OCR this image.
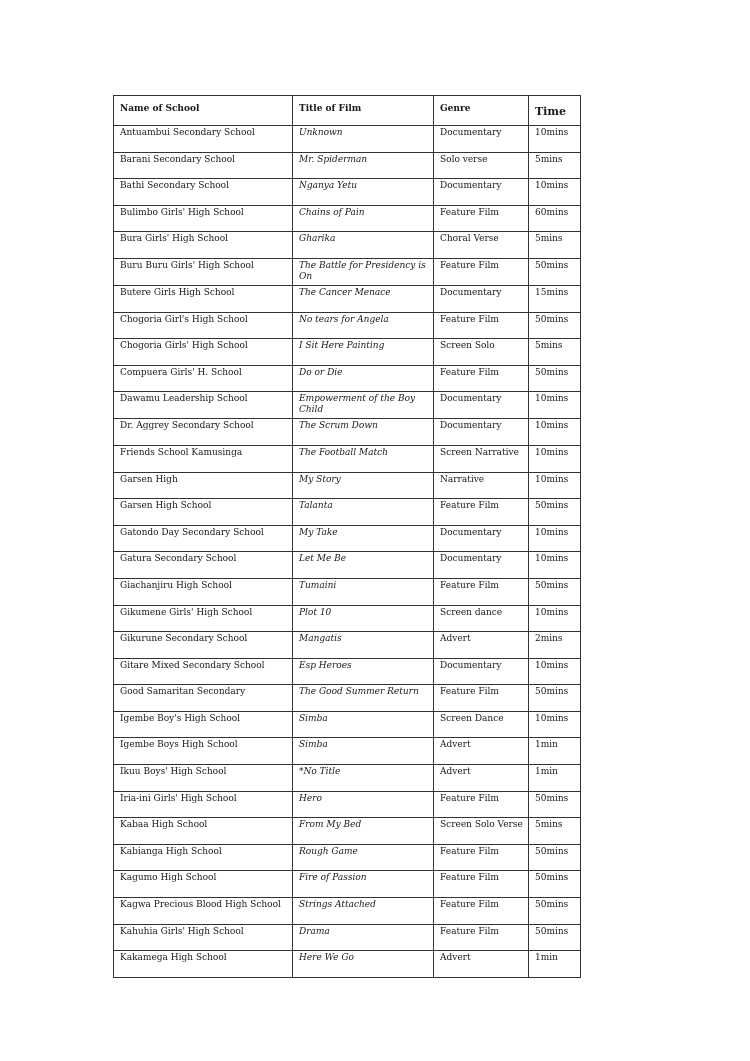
Name of School	Title of Film	Genre	Time
Antuambui Secondary School	Unknown	Documentary	10mins
Barani Secondary School	Mr. Spiderman	Solo verse	5mins
Bathi Secondary School	Nganya Yetu	Documentary	10mins
Bulimbo Girls' High School	Chains of Pain	Feature Film	60mins
Bura Girls' High School	Gharika	Choral Verse	5mins
Buru Buru Girls' High School	The Battle for Presidency is On	Feature Film	50mins
Butere Girls High School	The Cancer Menace	Documentary	15mins
Chogoria Girl's High School	No tears for Angela	Feature Film	50mins
Chogoria Girls' High School	I Sit Here Painting	Screen Solo	5mins
Compuera Girls' H. School	Do or Die	Feature Film	50mins
Dawamu Leadership School	Empowerment of the Boy Child	Documentary	10mins
Dr. Aggrey Secondary School	The Scrum Down	Documentary	10mins
Friends School Kamusinga	The Football Match	Screen Narrative	10mins
Garsen High	My Story	Narrative	10mins
Garsen High School	Talanta	Feature Film	50mins
Gatondo Day Secondary School	My Take	Documentary	10mins
Gatura Secondary School	Let Me Be	Documentary	10mins
Giachanjiru High School	Tumaini	Feature Film	50mins
Gikumene Girls' High School	Plot 10	Screen dance	10mins
Gikurune Secondary School	Mangatis	Advert	2mins
Gitare Mixed Secondary School	Esp Heroes	Documentary	10mins
Good Samaritan Secondary	The Good Summer Return	Feature Film	50mins
Igembe Boy's High School	Simba	Screen Dance	10mins
Igembe Boys High School	Simba	Advert	1min
Ikuu Boys' High School	*No Title	Advert	1min
Iria-ini Girls' High School	Hero	Feature Film	50mins
Kabaa High School	From My Bed	Screen Solo Verse	5mins
Kabianga High School	Rough Game	Feature Film	50mins
Kagumo High School	Fire of Passion	Feature Film	50mins
Kagwa Precious Blood High School	Strings Attached	Feature Film	50mins
Kahuhia Girls' High School	Drama	Feature Film	50mins
Kakamega High School	Here We Go	Advert	1min
